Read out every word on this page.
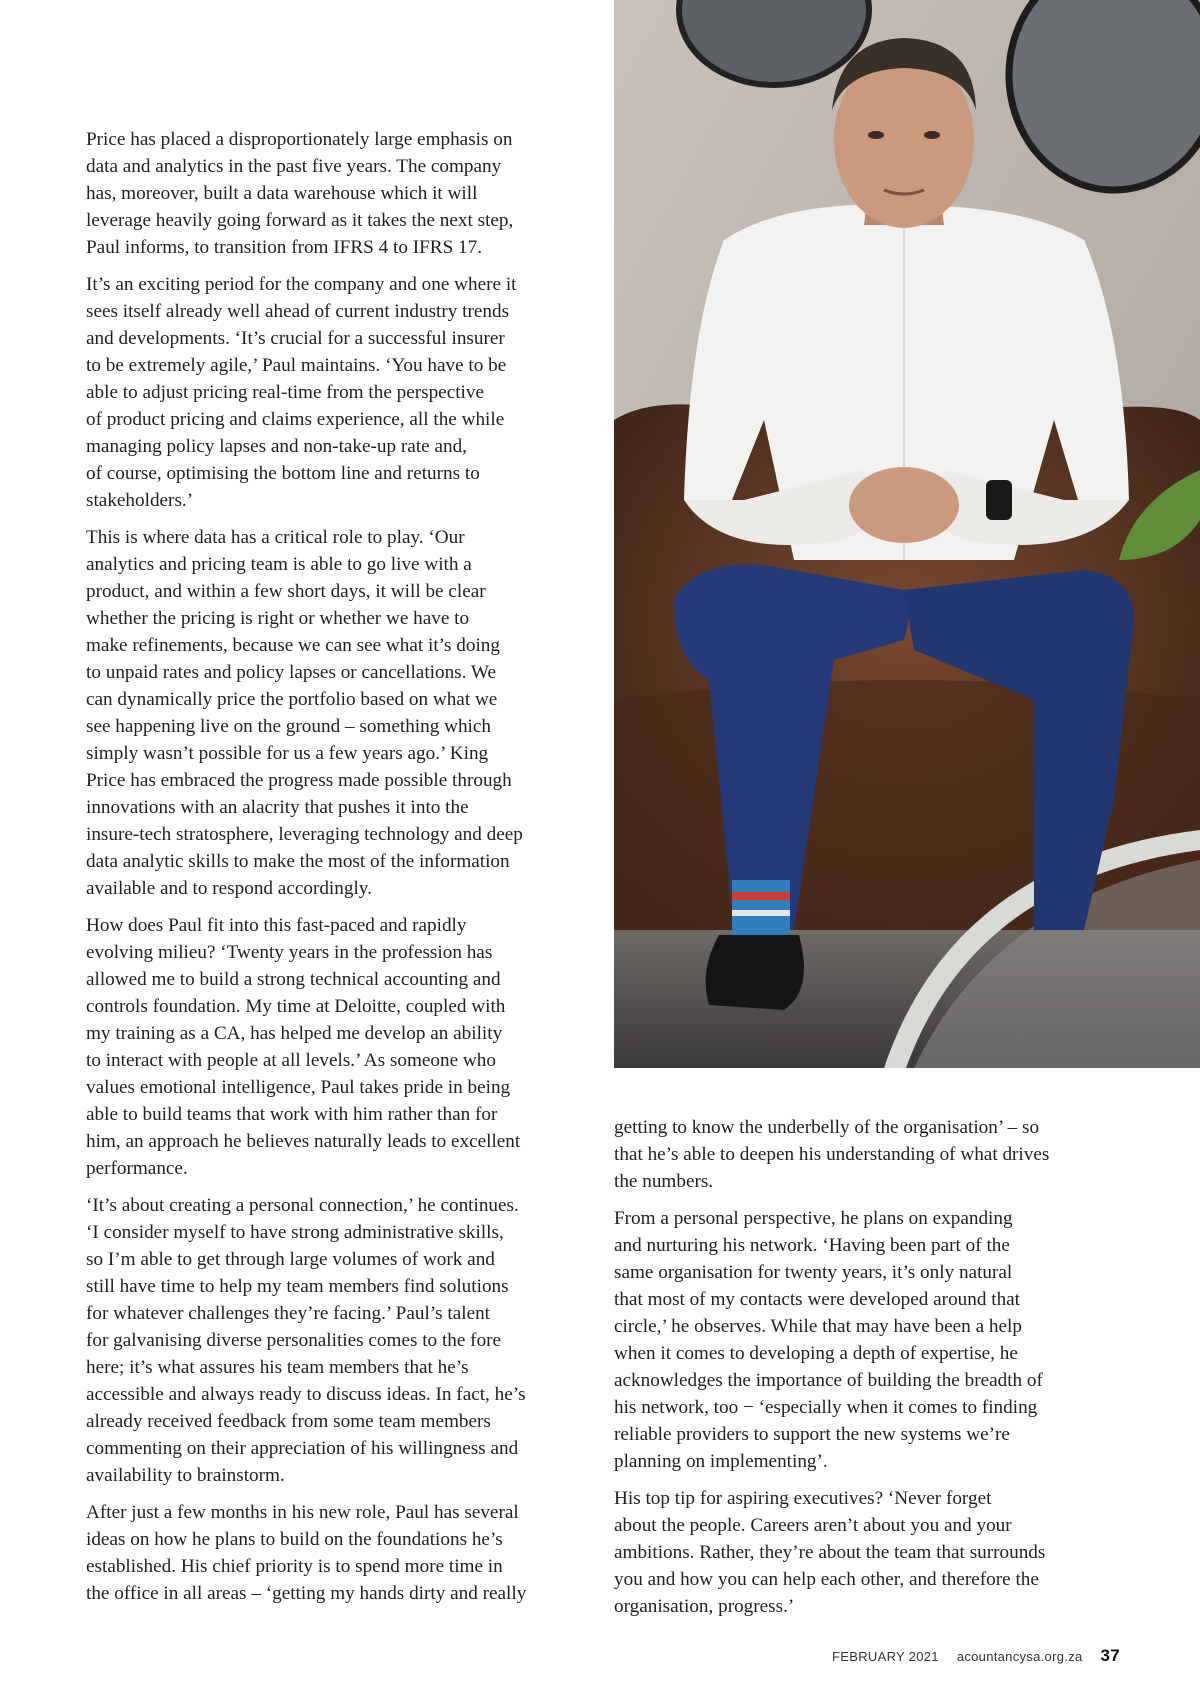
Price has placed a disproportionately large emphasis on
data and analytics in the past five years. The company
has, moreover, built a data warehouse which it will
leverage heavily going forward as it takes the next step,
Paul informs, to transition from IFRS 4 to IFRS 17.

It’s an exciting period for the company and one where it
sees itself already well ahead of current industry trends
and developments. ‘It’s crucial for a successful insurer
to be extremely agile,’ Paul maintains. ‘You have to be
able to adjust pricing real-time from the perspective
of product pricing and claims experience, all the while
managing policy lapses and non-take-up rate and,
of course, optimising the bottom line and returns to
stakeholders.’

This is where data has a critical role to play. ‘Our
analytics and pricing team is able to go live with a
product, and within a few short days, it will be clear
whether the pricing is right or whether we have to
make refinements, because we can see what it’s doing
to unpaid rates and policy lapses or cancellations. We
can dynamically price the portfolio based on what we
see happening live on the ground – something which
simply wasn’t possible for us a few years ago.’ King
Price has embraced the progress made possible through
innovations with an alacrity that pushes it into the
insure-tech stratosphere, leveraging technology and deep
data analytic skills to make the most of the information
available and to respond accordingly.

How does Paul fit into this fast-paced and rapidly
evolving milieu? ‘Twenty years in the profession has
allowed me to build a strong technical accounting and
controls foundation. My time at Deloitte, coupled with
my training as a CA, has helped me develop an ability
to interact with people at all levels.’ As someone who
values emotional intelligence, Paul takes pride in being
able to build teams that work with him rather than for
him, an approach he believes naturally leads to excellent
performance.

‘It’s about creating a personal connection,’ he continues.
‘I consider myself to have strong administrative skills,
so I’m able to get through large volumes of work and
still have time to help my team members find solutions
for whatever challenges they’re facing.’ Paul’s talent
for galvanising diverse personalities comes to the fore
here; it’s what assures his team members that he’s
accessible and always ready to discuss ideas. In fact, he’s
already received feedback from some team members
commenting on their appreciation of his willingness and
availability to brainstorm.

After just a few months in his new role, Paul has several
ideas on how he plans to build on the foundations he’s
established. His chief priority is to spend more time in
the office in all areas – ‘getting my hands dirty and really

getting to know the underbelly of the organisation’ – so
that he’s able to deepen his understanding of what drives
the numbers.

From a personal perspective, he plans on expanding
and nurturing his network. ‘Having been part of the
same organisation for twenty years, it’s only natural
that most of my contacts were developed around that
circle,’ he observes. While that may have been a help
when it comes to developing a depth of expertise, he
acknowledges the importance of building the breadth of
his network, too − ‘especially when it comes to finding
reliable providers to support the new systems we’re
planning on implementing’.

His top tip for aspiring executives? ‘Never forget
about the people. Careers aren’t about you and your
ambitions. Rather, they’re about the team that surrounds
you and how you can help each other, and therefore the
organisation, progress.’

FEBRUARY 2021 acountancysa.org.za 37
